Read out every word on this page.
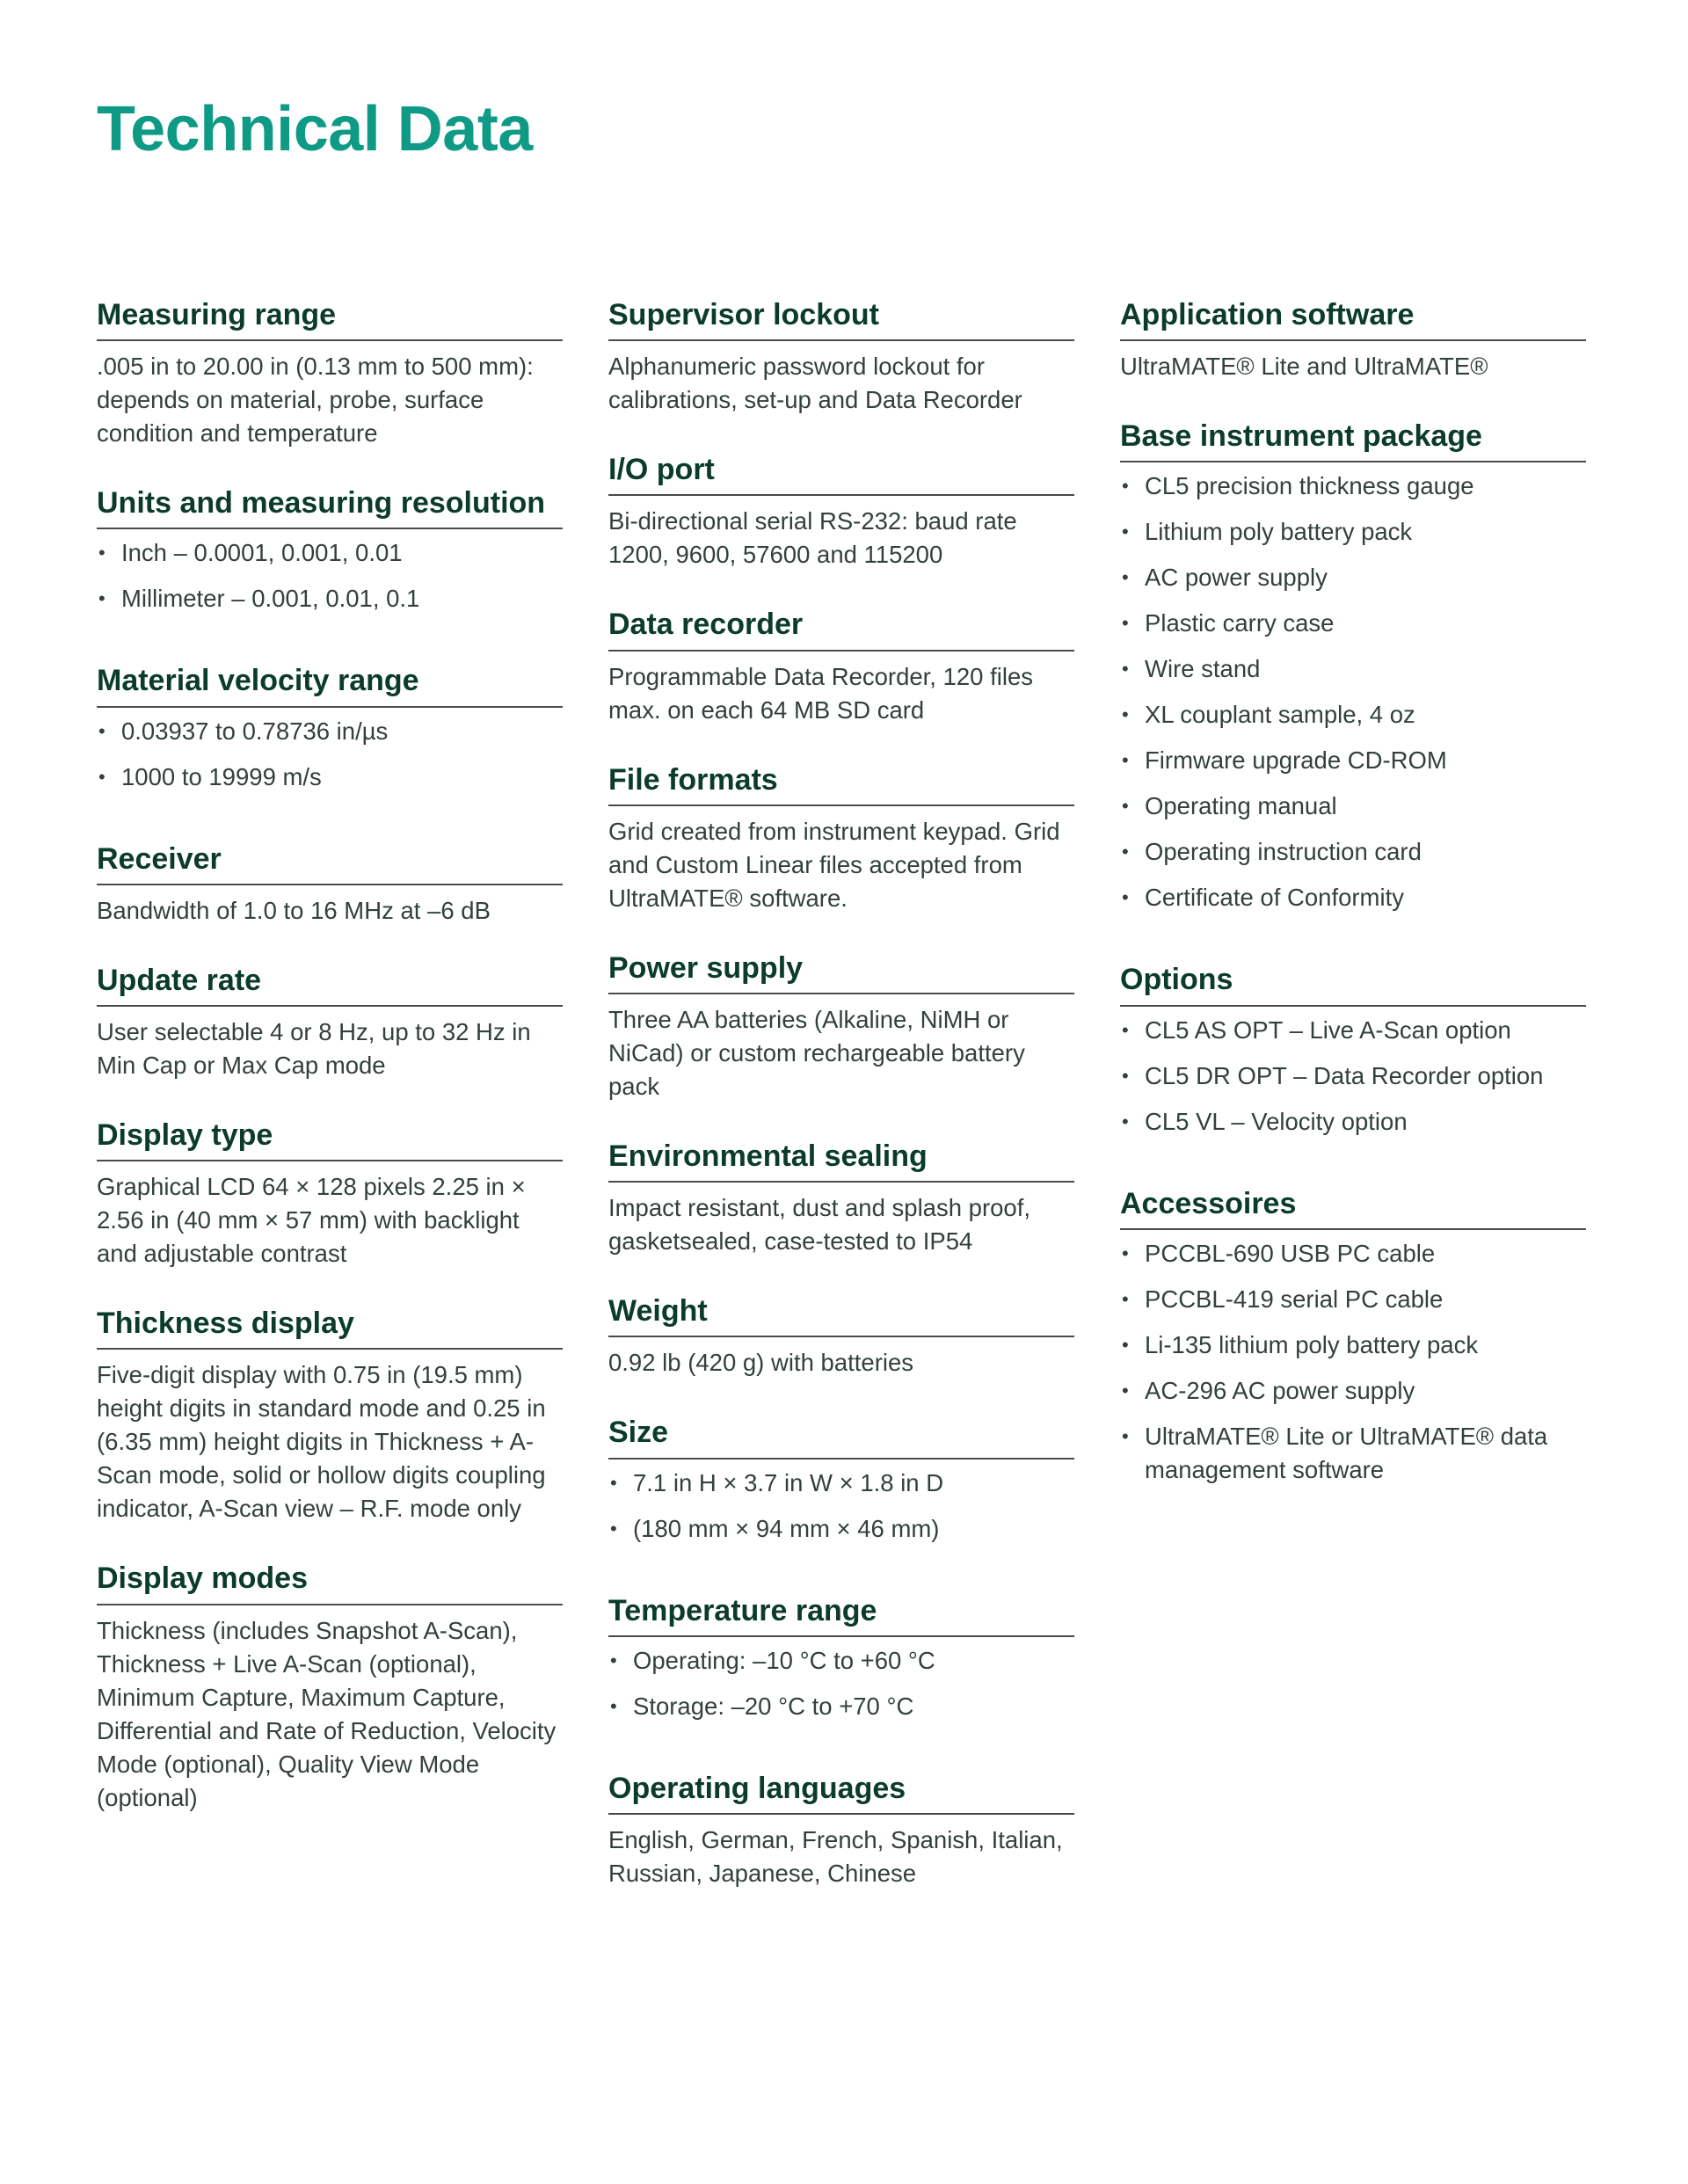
Technical Data
Measuring range

.005 in to 20.00 in (0.13 mm to 500 mm): depends on material, probe, surface condition and temperature

Units and measuring resolution
• Inch – 0.0001, 0.001, 0.01
• Millimeter – 0.001, 0.01, 0.1
Material velocity range
• 0.03937 to 0.78736 in/µs
• 1000 to 19999 m/s
Receiver

Bandwidth of 1.0 to 16 MHz at –6 dB

Update rate

User selectable 4 or 8 Hz, up to 32 Hz in Min Cap or Max Cap mode

Display type

Graphical LCD 64 × 128 pixels 2.25 in × 2.56 in (40 mm × 57 mm) with backlight and adjustable contrast

Thickness display

Five-digit display with 0.75 in (19.5 mm) height digits in standard mode and 0.25 in (6.35 mm) height digits in Thickness + A-Scan mode, solid or hollow digits coupling indicator, A-Scan view – R.F. mode only

Display modes

Thickness (includes Snapshot A-Scan), Thickness + Live A-Scan (optional), Minimum Capture, Maximum Capture, Differential and Rate of Reduction, Velocity Mode (optional), Quality View Mode (optional)

Supervisor lockout

Alphanumeric password lockout for calibrations, set-up and Data Recorder

I/O port

Bi-directional serial RS-232: baud rate 1200, 9600, 57600 and 115200

Data recorder

Programmable Data Recorder, 120 files max. on each 64 MB SD card

File formats

Grid created from instrument keypad. Grid and Custom Linear files accepted from UltraMATE® software.

Power supply

Three AA batteries (Alkaline, NiMH or NiCad) or custom rechargeable battery pack

Environmental sealing

Impact resistant, dust and splash proof, gasketsealed, case-tested to IP54

Weight

0.92 lb (420 g) with batteries

Size
• 7.1 in H × 3.7 in W × 1.8 in D
• (180 mm × 94 mm × 46 mm)
Temperature range
• Operating: –10 °C to +60 °C
• Storage: –20 °C to +70 °C
Operating languages

English, German, French, Spanish, Italian, Russian, Japanese, Chinese

Application software

UltraMATE® Lite and UltraMATE®

Base instrument package
• CL5 precision thickness gauge
• Lithium poly battery pack
• AC power supply
• Plastic carry case
• Wire stand
• XL couplant sample, 4 oz
• Firmware upgrade CD-ROM
• Operating manual
• Operating instruction card
• Certificate of Conformity
Options
• CL5 AS OPT – Live A-Scan option
• CL5 DR OPT – Data Recorder option
• CL5 VL – Velocity option
Accessoires
• PCCBL-690 USB PC cable
• PCCBL-419 serial PC cable
• Li-135 lithium poly battery pack
• AC-296 AC power supply
• UltraMATE® Lite or UltraMATE® data management software
